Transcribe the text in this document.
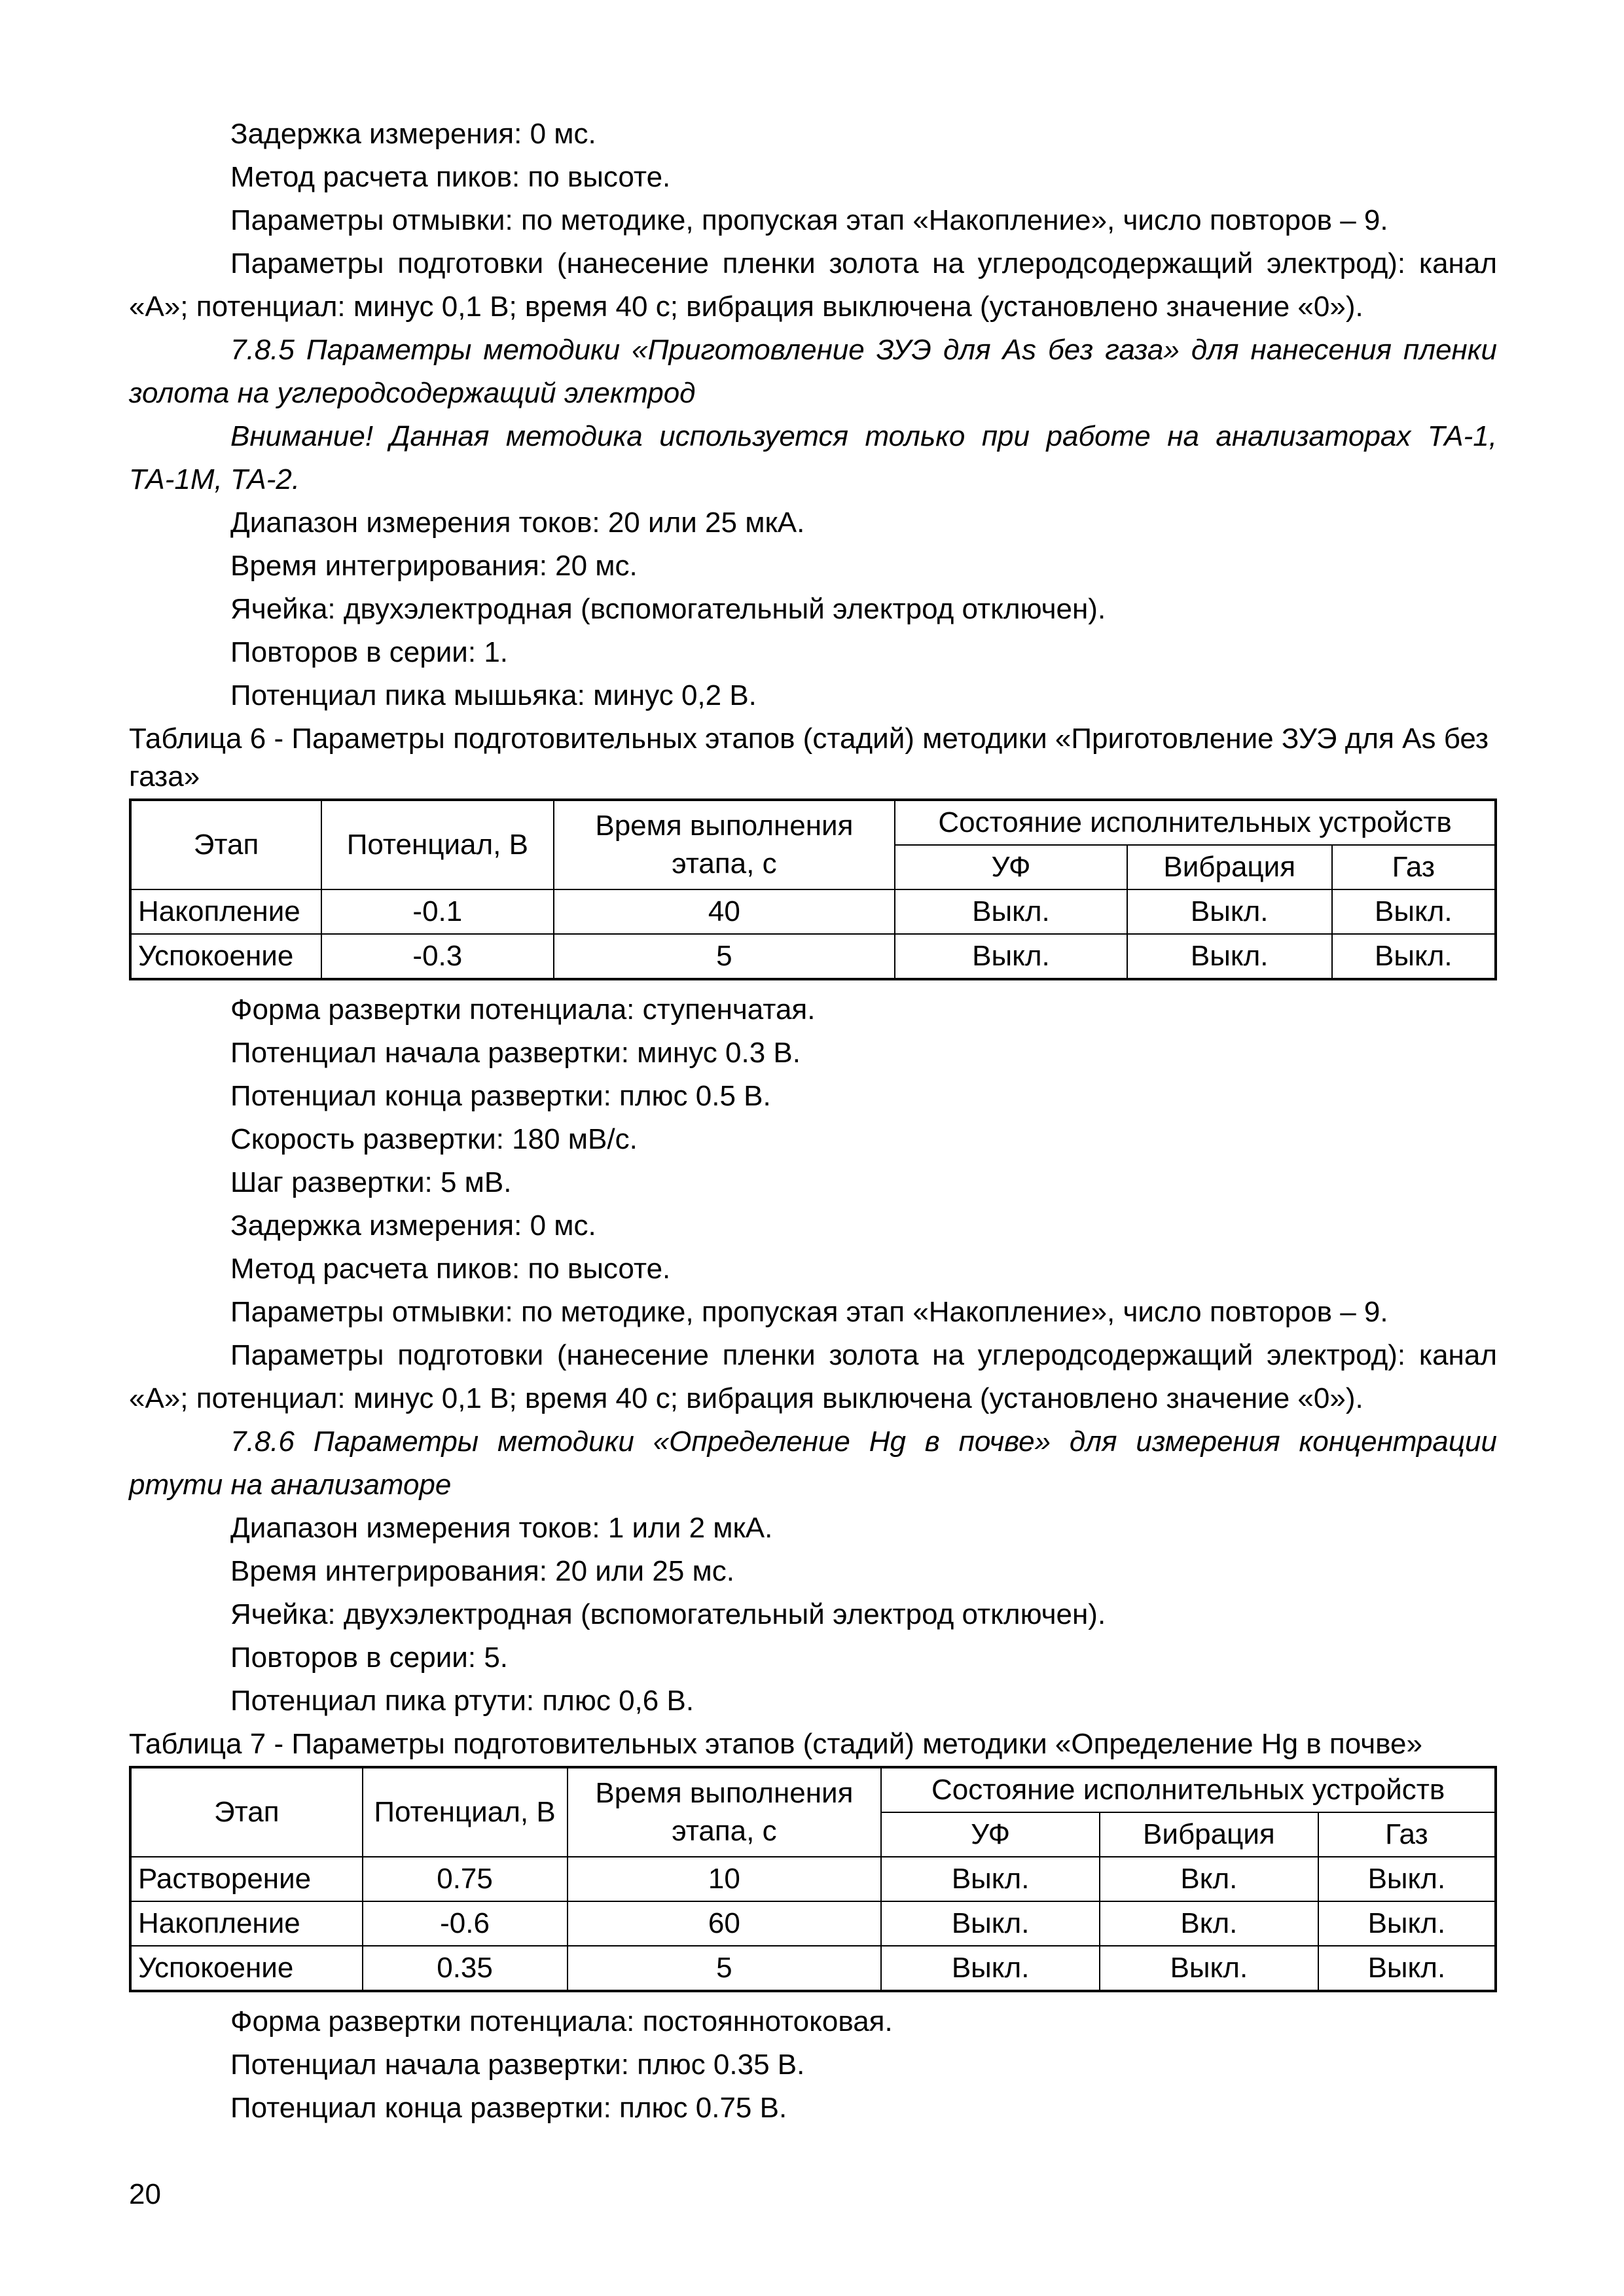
Задержка измерения: 0 мс.

Метод расчета пиков: по высоте.

Параметры отмывки: по методике, пропуская этап «Накопление», число повторов – 9.

Параметры подготовки (нанесение пленки золота на углеродсодержащий электрод): канал «А»; потенциал: минус 0,1 В; время 40 с; вибрация выключена (установлено значение «0»).

7.8.5 Параметры методики «Приготовление ЗУЭ для As без газа» для нанесения пленки золота на углеродсодержащий электрод

Внимание! Данная методика используется только при работе на анализаторах ТА-1, ТА-1М, ТА-2.

Диапазон измерения токов: 20 или 25 мкА.

Время интегрирования: 20 мс.

Ячейка: двухэлектродная (вспомогательный электрод отключен).

Повторов в серии: 1.

Потенциал пика мышьяка: минус 0,2 В.

Таблица 6 - Параметры подготовительных этапов (стадий) методики «Приготовление ЗУЭ для As без газа»

Этап	Потенциал, В	Время выполнения этапа, с	Состояние исполнительных устройств		
			УФ	Вибрация	Газ
Накопление	-0.1	40	Выкл.	Выкл.	Выкл.
Успокоение	-0.3	5	Выкл.	Выкл.	Выкл.

Форма развертки потенциала: ступенчатая.

Потенциал начала развертки: минус 0.3 В.

Потенциал конца развертки: плюс 0.5 В.

Скорость развертки: 180 мВ/с.

Шаг развертки: 5 мВ.

Задержка измерения: 0 мс.

Метод расчета пиков: по высоте.

Параметры отмывки: по методике, пропуская этап «Накопление», число повторов – 9.

Параметры подготовки (нанесение пленки золота на углеродсодержащий электрод): канал «А»; потенциал: минус 0,1 В; время 40 с; вибрация выключена (установлено значение «0»).

7.8.6 Параметры методики «Определение Hg в почве» для измерения концентрации ртути на анализаторе

Диапазон измерения токов: 1 или 2 мкА.

Время интегрирования: 20 или 25 мс.

Ячейка: двухэлектродная (вспомогательный электрод отключен).

Повторов в серии: 5.

Потенциал пика ртути: плюс 0,6 В.

Таблица 7 - Параметры подготовительных этапов (стадий) методики «Определение Hg в почве»

Этап	Потенциал, В	Время выполнения этапа, с	Состояние исполнительных устройств		
			УФ	Вибрация	Газ
Растворение	0.75	10	Выкл.	Вкл.	Выкл.
Накопление	-0.6	60	Выкл.	Вкл.	Выкл.
Успокоение	0.35	5	Выкл.	Выкл.	Выкл.

Форма развертки потенциала: постояннотоковая.

Потенциал начала развертки: плюс 0.35 В.

Потенциал конца развертки: плюс 0.75 В.

20
